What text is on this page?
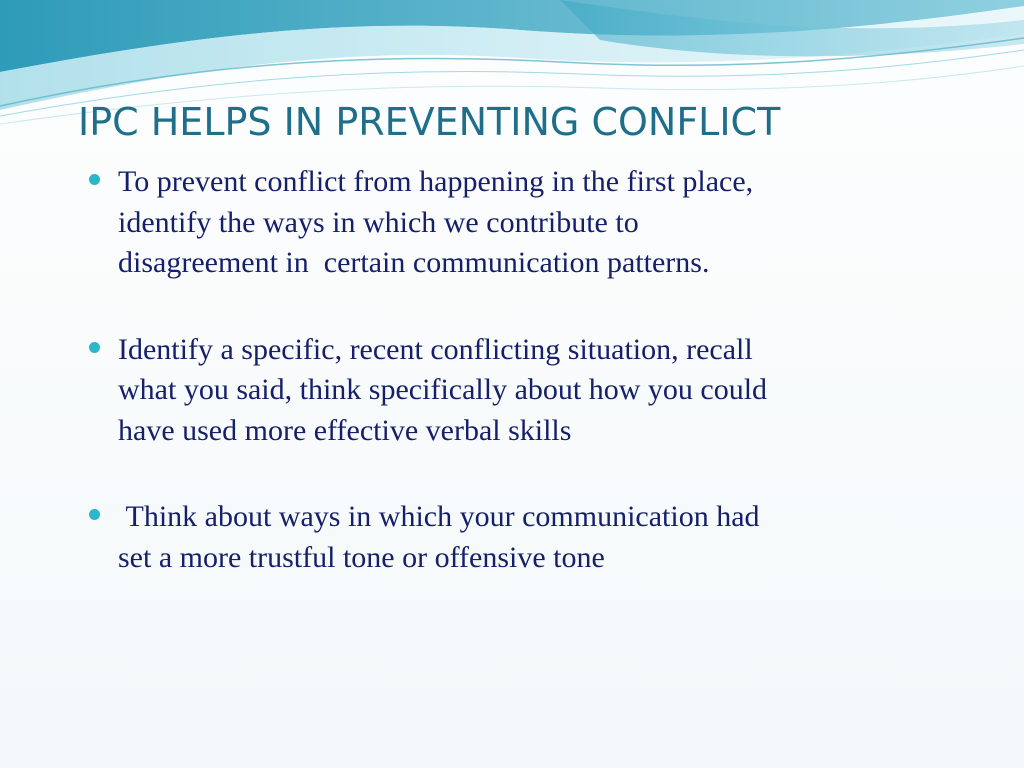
IPC HELPS IN PREVENTING CONFLICT
To prevent conflict from happening in the first place,
identify the ways in which we contribute to
disagreement in  certain communication patterns.
Identify a specific, recent conflicting situation, recall
what you said, think specifically about how you could
have used more effective verbal skills
Think about ways in which your communication had
set a more trustful tone or offensive tone
